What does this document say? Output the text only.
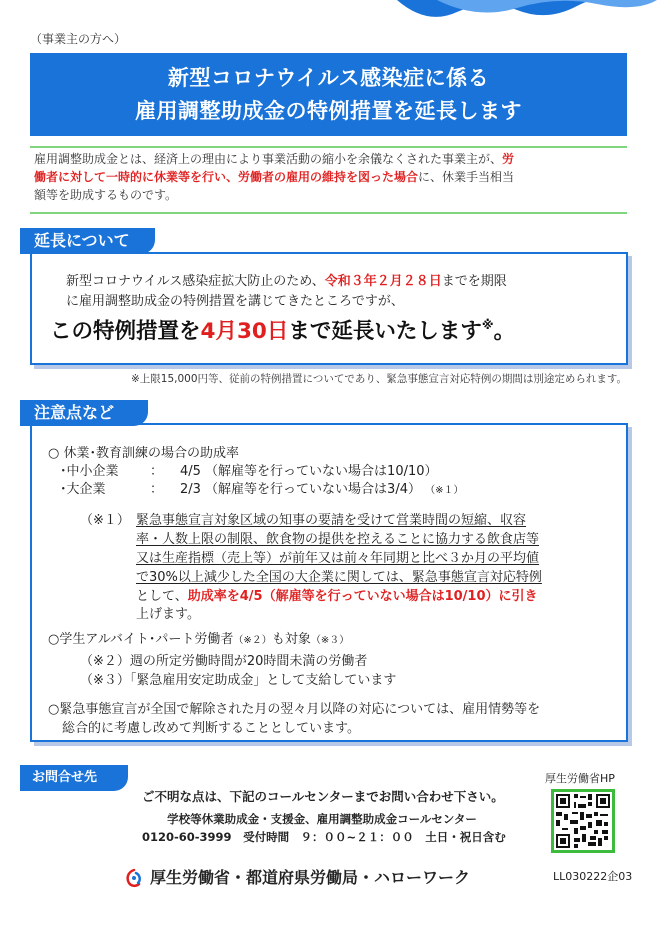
（事業主の方へ）
新型コロナウイルス感染症に係る
雇用調整助成金の特例措置を延長します
雇用調整助成金とは、経済上の理由により事業活動の縮小を余儀なくされた事業主が、労
働者に対して一時的に休業等を行い、労働者の雇用の維持を図った場合に、休業手当相当
額等を助成するものです。
新型コロナウイルス感染症拡大防止のため、令和３年２月２８日までを期限
に雇用調整助成金の特例措置を講じてきたところですが、
この特例措置を4月30日まで延長いたします※。
延長について
※上限15,000円等、従前の特例措置についてであり、緊急事態宣言対応特例の期間は別途定められます。
○ 休業･教育訓練の場合の助成率
･中小企業 ： 4/5 （解雇等を行っていない場合は10/10）
･大企業	： 2/3 （解雇等を行っていない場合は3/4） （※１）
（※１） 緊急事態宣言対象区域の知事の要請を受けて営業時間の短縮、収容
率・人数上限の制限、飲食物の提供を控えることに協力する飲食店等
又は生産指標（売上等）が前年又は前々年同期と比べ３か月の平均値
で30%以上減少した全国の大企業に関しては、緊急事態宣言対応特例
として、助成率を4/5（解雇等を行っていない場合は10/10）に引き
上げます。
○学生アルバイト･パート労働者（※２）も対象（※３）
（※２）週の所定労働時間が20時間未満の労働者
（※３）「緊急雇用安定助成金」として支給しています
○緊急事態宣言が全国で解除された月の翌々月以降の対応については、雇用情勢等を
総合的に考慮し改めて判断することとしています。
注意点など
お問合せ先
ご不明な点は、下記のコールセンターまでお問い合わせ下さい。
学校等休業助成金・支援金、雇用調整助成金コールセンター
0120-60-3999　受付時間　９：００~２１：００　土日・祝日含む
厚生労働省HP
厚生労働省・都道府県労働局・ハローワーク	LL030222企03
